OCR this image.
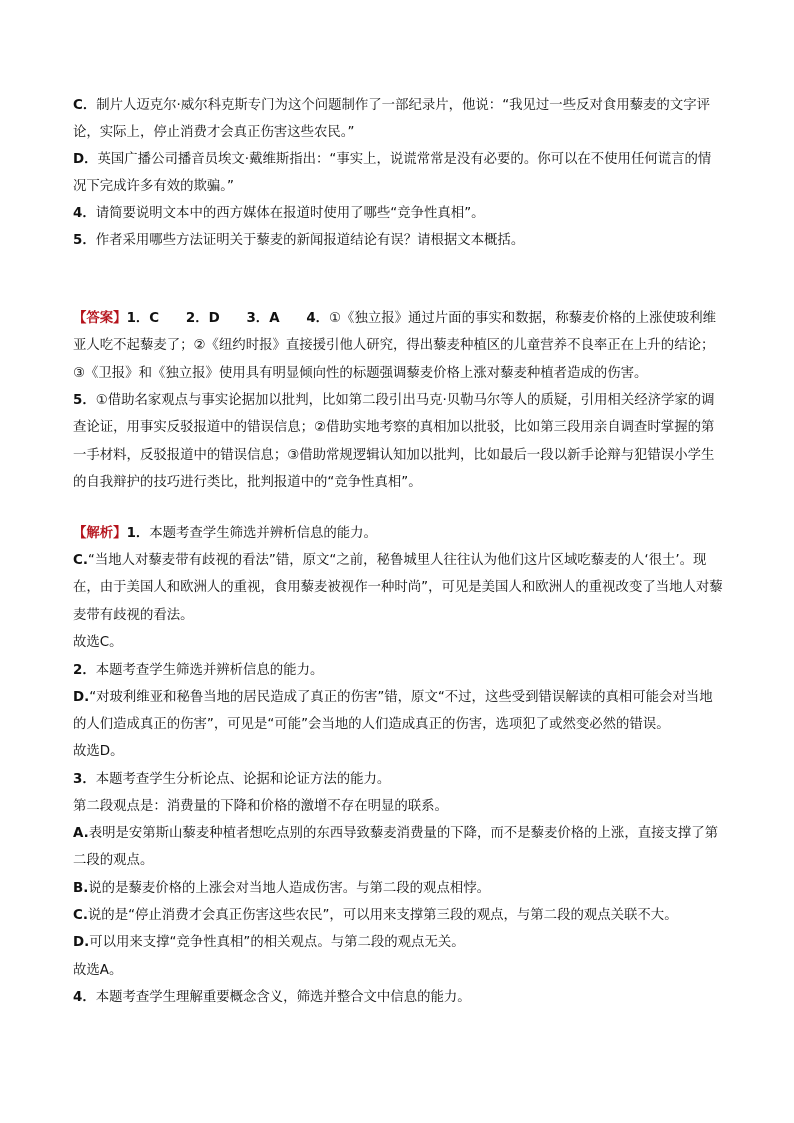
C．制片人迈克尔·威尔科克斯专门为这个问题制作了一部纪录片，他说：“我见过一些反对食用藜麦的文字评论，实际上，停止消费才会真正伤害这些农民。”

D．英国广播公司播音员埃文·戴维斯指出：“事实上，说谎常常是没有必要的。你可以在不使用任何谎言的情况下完成许多有效的欺骗。”

4．请简要说明文本中的西方媒体在报道时使用了哪些“竞争性真相”。

5．作者采用哪些方法证明关于藜麦的新闻报道结论有误？请根据文本概括。

【答案】1．C　　2．D　　3．A　　4．①《独立报》通过片面的事实和数据，称藜麦价格的上涨使玻利维亚人吃不起藜麦了；②《纽约时报》直接援引他人研究，得出藜麦种植区的儿童营养不良率正在上升的结论；③《卫报》和《独立报》使用具有明显倾向性的标题强调藜麦价格上涨对藜麦种植者造成的伤害。

5．①借助名家观点与事实论据加以批判，比如第二段引出马克·贝勒马尔等人的质疑，引用相关经济学家的调查论证，用事实反驳报道中的错误信息；②借助实地考察的真相加以批驳，比如第三段用亲自调查时掌握的第一手材料，反驳报道中的错误信息；③借助常规逻辑认知加以批判，比如最后一段以新手论辩与犯错误小学生的自我辩护的技巧进行类比，批判报道中的“竞争性真相”。

【解析】1．本题考查学生筛选并辨析信息的能力。

C.“当地人对藜麦带有歧视的看法”错，原文“之前，秘鲁城里人往往认为他们这片区域吃藜麦的人‘很土’。现在，由于美国人和欧洲人的重视，食用藜麦被视作一种时尚”，可见是美国人和欧洲人的重视改变了当地人对藜麦带有歧视的看法。

故选C。

2．本题考查学生筛选并辨析信息的能力。

D.“对玻利维亚和秘鲁当地的居民造成了真正的伤害”错，原文“不过，这些受到错误解读的真相可能会对当地的人们造成真正的伤害”，可见是“可能”会当地的人们造成真正的伤害，选项犯了或然变必然的错误。

故选D。

3．本题考查学生分析论点、论据和论证方法的能力。

第二段观点是：消费量的下降和价格的激增不存在明显的联系。

A.表明是安第斯山藜麦种植者想吃点别的东西导致藜麦消费量的下降，而不是藜麦价格的上涨，直接支撑了第二段的观点。

B.说的是藜麦价格的上涨会对当地人造成伤害。与第二段的观点相悖。

C.说的是“停止消费才会真正伤害这些农民”，可以用来支撑第三段的观点，与第二段的观点关联不大。

D.可以用来支撑“竞争性真相”的相关观点。与第二段的观点无关。

故选A。

4．本题考查学生理解重要概念含义，筛选并整合文中信息的能力。
